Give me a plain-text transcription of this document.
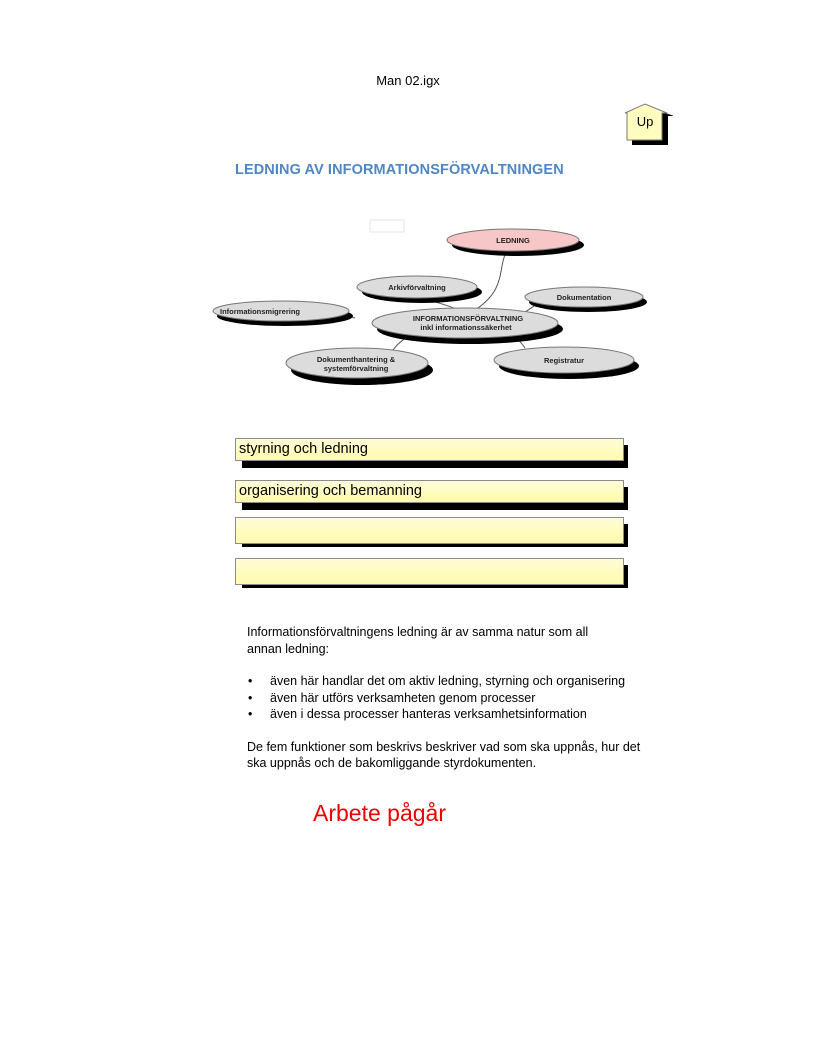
Man 02.igx
Up
LEDNING AV INFORMATIONSFÖRVALTNINGEN
LEDNING
Arkivförvaltning
Dokumentation
Informationsmigrering
INFORMATIONSFÖRVALTNING
inkl informationssäkerhet
Dokumenthantering &
systemförvaltning
Registratur
styrning och ledning
organisering och bemanning

Informationsförvaltningens ledning är av samma natur som all annan ledning:

• även här handlar det om aktiv ledning, styrning och organisering
• även här utförs verksamheten genom processer
• även i dessa processer hanteras verksamhetsinformation

De fem funktioner som beskrivs beskriver vad som ska uppnås, hur det ska uppnås och de bakomliggande styrdokumenten.

Arbete pågår
